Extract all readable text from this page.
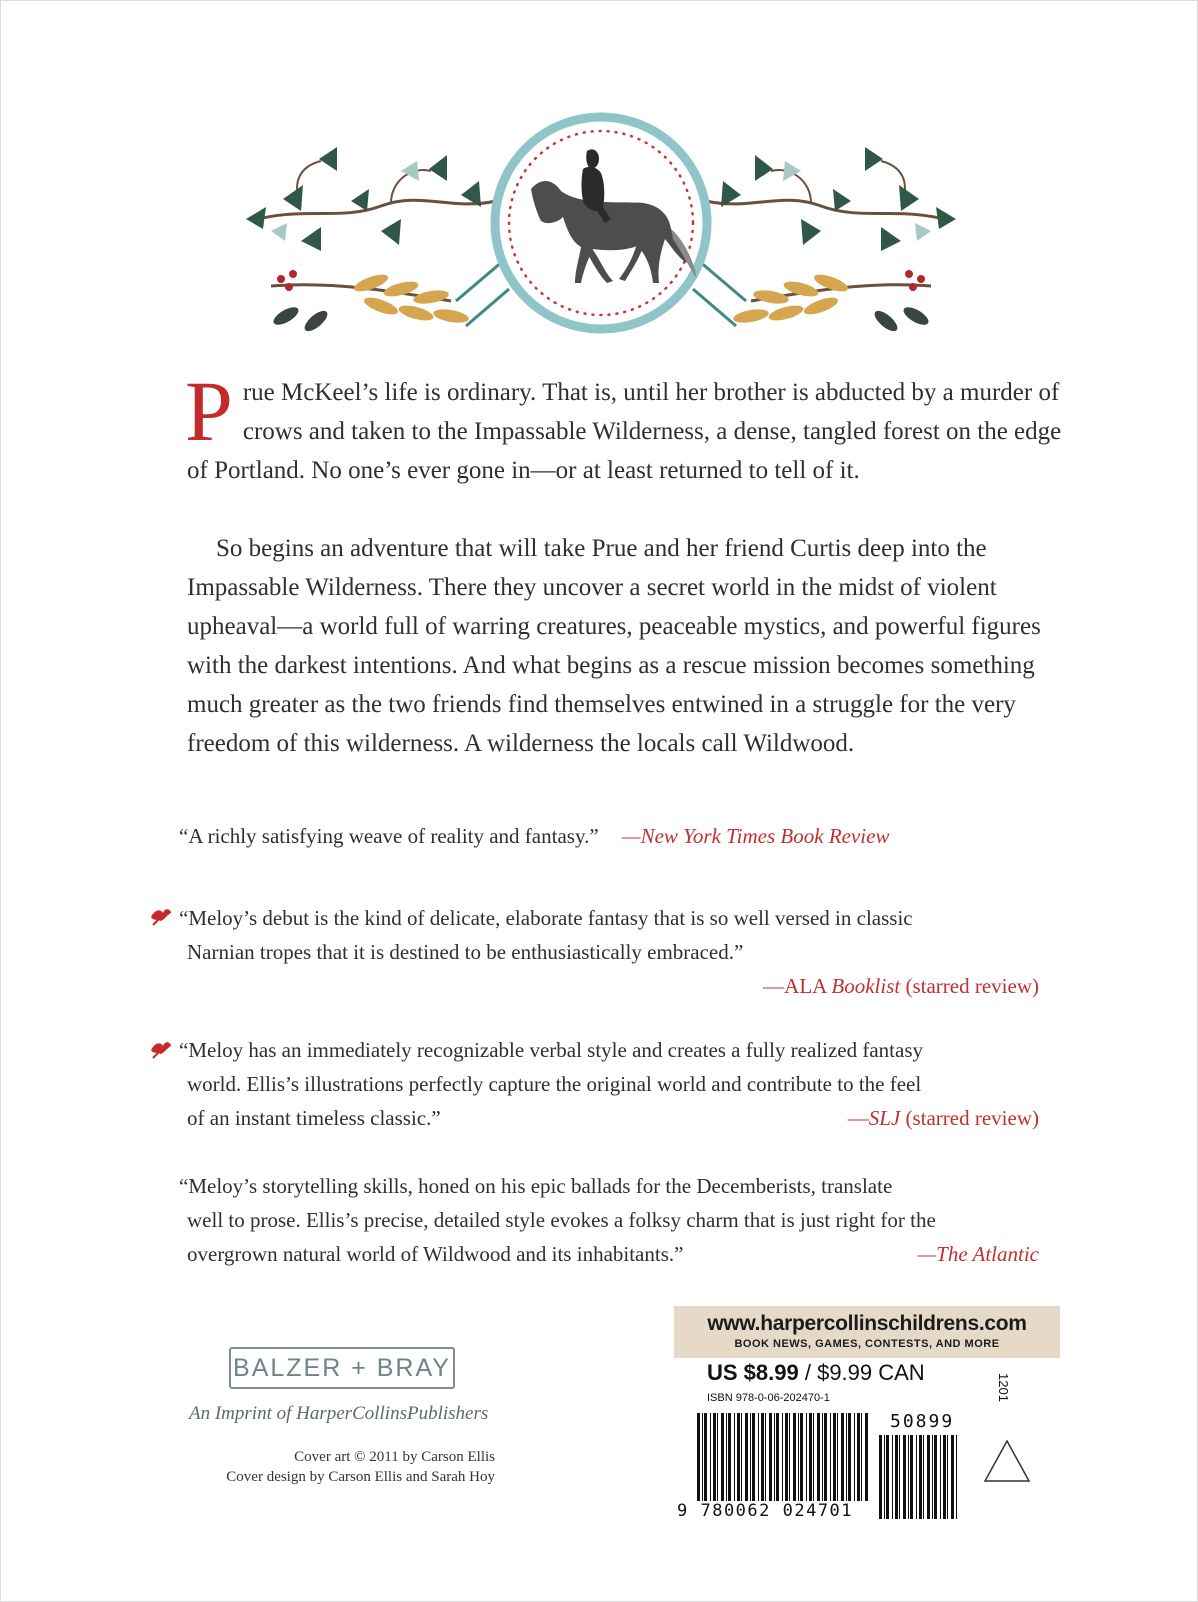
Prue McKeel’s life is ordinary. That is, until her brother is abducted by a murder of crows and taken to the Impassable Wilderness, a dense, tangled forest on the edge of Portland. No one’s ever gone in—or at least returned to tell of it.
So begins an adventure that will take Prue and her friend Curtis deep into the Impassable Wilderness. There they uncover a secret world in the midst of violent upheaval—a world full of warring creatures, peaceable mystics, and powerful figures with the darkest intentions. And what begins as a rescue mission becomes something much greater as the two friends find themselves entwined in a struggle for the very freedom of this wilderness. A wilderness the locals call Wildwood.
“A richly satisfying weave of reality and fantasy.” —New York Times Book Review
“Meloy’s debut is the kind of delicate, elaborate fantasy that is so well versed in classic
Narnian tropes that it is destined to be enthusiastically embraced.”
—ALA Booklist (starred review)
“Meloy has an immediately recognizable verbal style and creates a fully realized fantasy
world. Ellis’s illustrations perfectly capture the original world and contribute to the feel
of an instant timeless classic.”	—SLJ (starred review)
“Meloy’s storytelling skills, honed on his epic ballads for the Decemberists, translate
well to prose. Ellis’s precise, detailed style evokes a folksy charm that is just right for the
overgrown natural world of Wildwood and its inhabitants.”	—The Atlantic
BALZER + BRAY
An Imprint of HarperCollinsPublishers
Cover art © 2011 by Carson Ellis
Cover design by Carson Ellis and Sarah Hoy
www.harpercollinschildrens.com
BOOK NEWS, GAMES, CONTESTS, AND MORE
US $8.99 / $9.99 CAN
ISBN 978-0-06-202470-1	1201
50899
9 780062 024701
